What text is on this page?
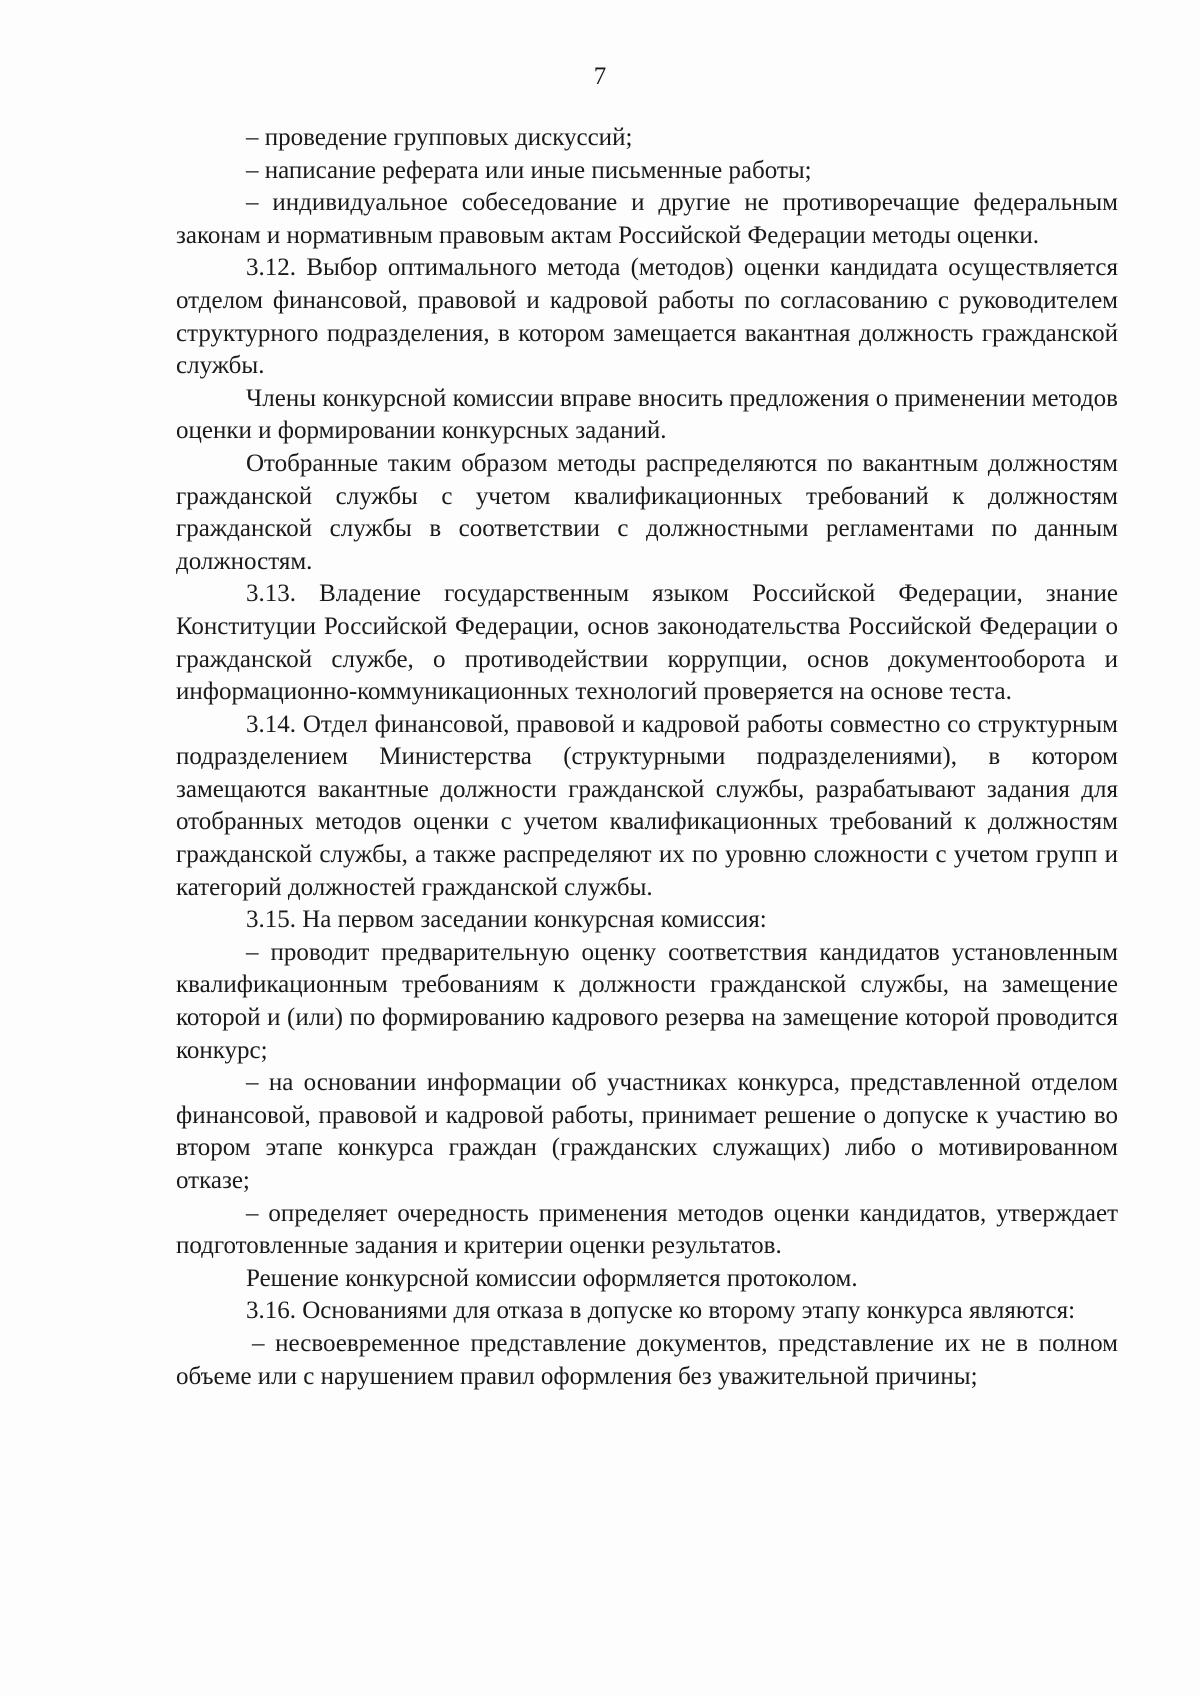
7

– проведение групповых дискуссий;

– написание реферата или иные письменные работы;

– индивидуальное собеседование и другие не противоречащие федеральным законам и нормативным правовым актам Российской Федерации методы оценки.

3.12. Выбор оптимального метода (методов) оценки кандидата осуществляется отделом финансовой, правовой и кадровой работы по согласованию с руководителем структурного подразделения, в котором замещается вакантная должность гражданской службы.

Члены конкурсной комиссии вправе вносить предложения о применении методов оценки и формировании конкурсных заданий.

Отобранные таким образом методы распределяются по вакантным должностям гражданской службы с учетом квалификационных требований к должностям гражданской службы в соответствии с должностными регламентами по данным должностям.

3.13. Владение государственным языком Российской Федерации, знание Конституции Российской Федерации, основ законодательства Российской Федерации о гражданской службе, о противодействии коррупции, основ документооборота и информационно-коммуникационных технологий проверяется на основе теста.

3.14. Отдел финансовой, правовой и кадровой работы совместно со структурным подразделением Министерства (структурными подразделениями), в котором замещаются вакантные должности гражданской службы, разрабатывают задания для отобранных методов оценки с учетом квалификационных требований к должностям гражданской службы, а также распределяют их по уровню сложности с учетом групп и категорий должностей гражданской службы.

3.15. На первом заседании конкурсная комиссия:

– проводит предварительную оценку соответствия кандидатов установленным квалификационным требованиям к должности гражданской службы, на замещение которой и (или) по формированию кадрового резерва на замещение которой проводится конкурс;

– на основании информации об участниках конкурса, представленной отделом финансовой, правовой и кадровой работы, принимает решение о допуске к участию во втором этапе конкурса граждан (гражданских служащих) либо о мотивированном отказе;

– определяет очередность применения методов оценки кандидатов, утверждает подготовленные задания и критерии оценки результатов.

Решение конкурсной комиссии оформляется протоколом.

3.16. Основаниями для отказа в допуске ко второму этапу конкурса являются:

– несвоевременное представление документов, представление их не в полном объеме или с нарушением правил оформления без уважительной причины;
